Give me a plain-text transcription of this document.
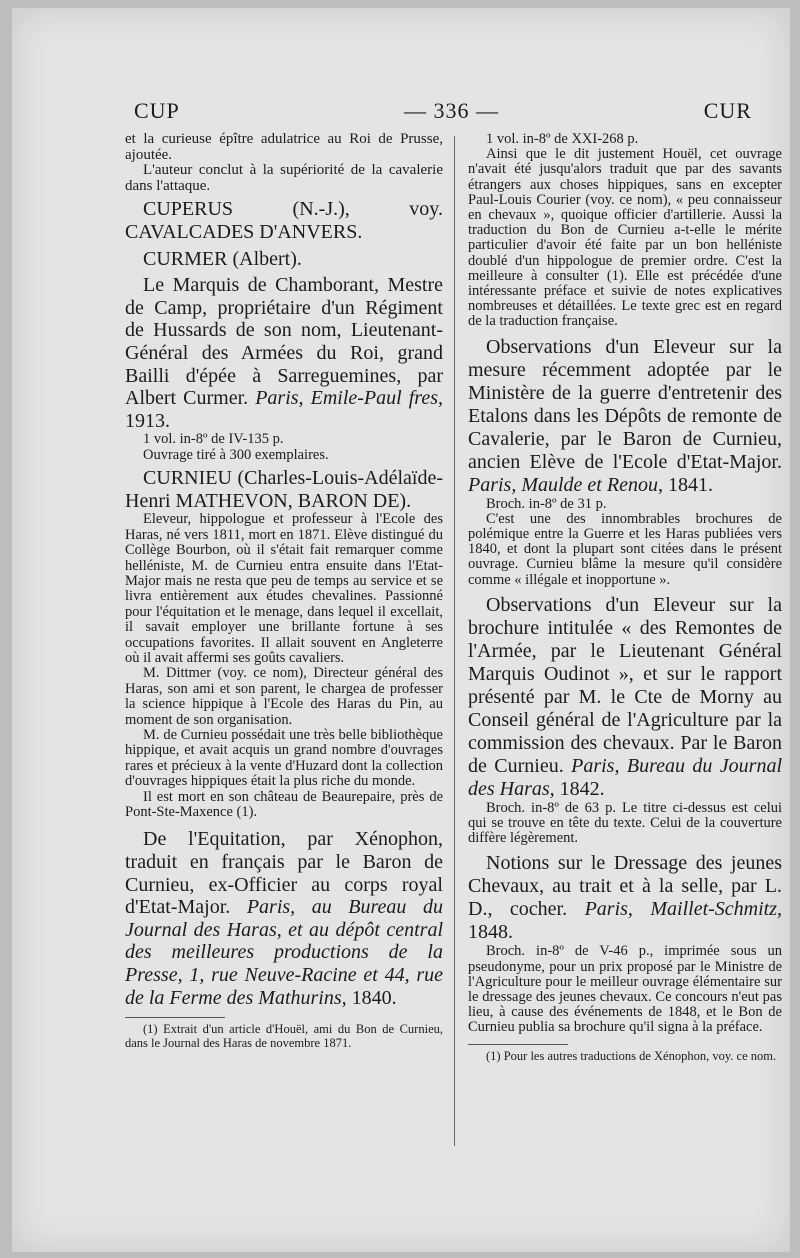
CUP	— 336 —	CUR

et la curieuse épître adulatrice au Roi de Prusse, ajoutée.

L'auteur conclut à la supériorité de la cavalerie dans l'attaque.

CUPERUS (N.-J.), voy. CAVALCADES D'ANVERS.

CURMER (Albert).

Le Marquis de Chamborant, Mestre de Camp, propriétaire d'un Régiment de Hussards de son nom, Lieutenant-Général des Armées du Roi, grand Bailli d'épée à Sarreguemines, par Albert Curmer. Paris, Emile-Paul fres, 1913.

1 vol. in-8º de IV-135 p.

Ouvrage tiré à 300 exemplaires.

CURNIEU (Charles-Louis-Adélaïde-Henri MATHEVON, BARON DE).

Eleveur, hippologue et professeur à l'Ecole des Haras, né vers 1811, mort en 1871. Elève distingué du Collège Bourbon, où il s'était fait remarquer comme helléniste, M. de Curnieu entra ensuite dans l'Etat-Major mais ne resta que peu de temps au service et se livra entièrement aux études chevalines. Passionné pour l'équitation et le menage, dans lequel il excellait, il savait employer une brillante fortune à ses occupations favorites. Il allait souvent en Angleterre où il avait affermi ses goûts cavaliers.

M. Dittmer (voy. ce nom), Directeur général des Haras, son ami et son parent, le chargea de professer la science hippique à l'Ecole des Haras du Pin, au moment de son organisation.

M. de Curnieu possédait une très belle bibliothèque hippique, et avait acquis un grand nombre d'ouvrages rares et précieux à la vente d'Huzard dont la collection d'ouvrages hippiques était la plus riche du monde.

Il est mort en son château de Beaurepaire, près de Pont-Ste-Maxence (1).

De l'Equitation, par Xénophon, traduit en français par le Baron de Curnieu, ex-Officier au corps royal d'Etat-Major. Paris, au Bureau du Journal des Haras, et au dépôt central des meilleures productions de la Presse, 1, rue Neuve-Racine et 44, rue de la Ferme des Mathurins, 1840.

(1) Extrait d'un article d'Houël, ami du Bon de Curnieu, dans le Journal des Haras de novembre 1871.

1 vol. in-8º de XXI-268 p.

Ainsi que le dit justement Houël, cet ouvrage n'avait été jusqu'alors traduit que par des savants étrangers aux choses hippiques, sans en excepter Paul-Louis Courier (voy. ce nom), « peu connaisseur en chevaux », quoique officier d'artillerie. Aussi la traduction du Bon de Curnieu a-t-elle le mérite particulier d'avoir été faite par un bon helléniste doublé d'un hippologue de premier ordre. C'est la meilleure à consulter (1). Elle est précédée d'une intéressante préface et suivie de notes explicatives nombreuses et détaillées. Le texte grec est en regard de la traduction française.

Observations d'un Eleveur sur la mesure récemment adoptée par le Ministère de la guerre d'entretenir des Etalons dans les Dépôts de remonte de Cavalerie, par le Baron de Curnieu, ancien Elève de l'Ecole d'Etat-Major. Paris, Maulde et Renou, 1841.

Broch. in-8º de 31 p.

C'est une des innombrables brochures de polémique entre la Guerre et les Haras publiées vers 1840, et dont la plupart sont citées dans le présent ouvrage. Curnieu blâme la mesure qu'il considère comme « illégale et inopportune ».

Observations d'un Eleveur sur la brochure intitulée « des Remontes de l'Armée, par le Lieutenant Général Marquis Oudinot », et sur le rapport présenté par M. le Cte de Morny au Conseil général de l'Agriculture par la commission des chevaux. Par le Baron de Curnieu. Paris, Bureau du Journal des Haras, 1842.

Broch. in-8º de 63 p. Le titre ci-dessus est celui qui se trouve en tête du texte. Celui de la couverture diffère légèrement.

Notions sur le Dressage des jeunes Chevaux, au trait et à la selle, par L. D., cocher. Paris, Maillet-Schmitz, 1848.

Broch. in-8º de V-46 p., imprimée sous un pseudonyme, pour un prix proposé par le Ministre de l'Agriculture pour le meilleur ouvrage élémentaire sur le dressage des jeunes chevaux. Ce concours n'eut pas lieu, à cause des événements de 1848, et le Bon de Curnieu publia sa brochure qu'il signa à la préface.

(1) Pour les autres traductions de Xénophon, voy. ce nom.
